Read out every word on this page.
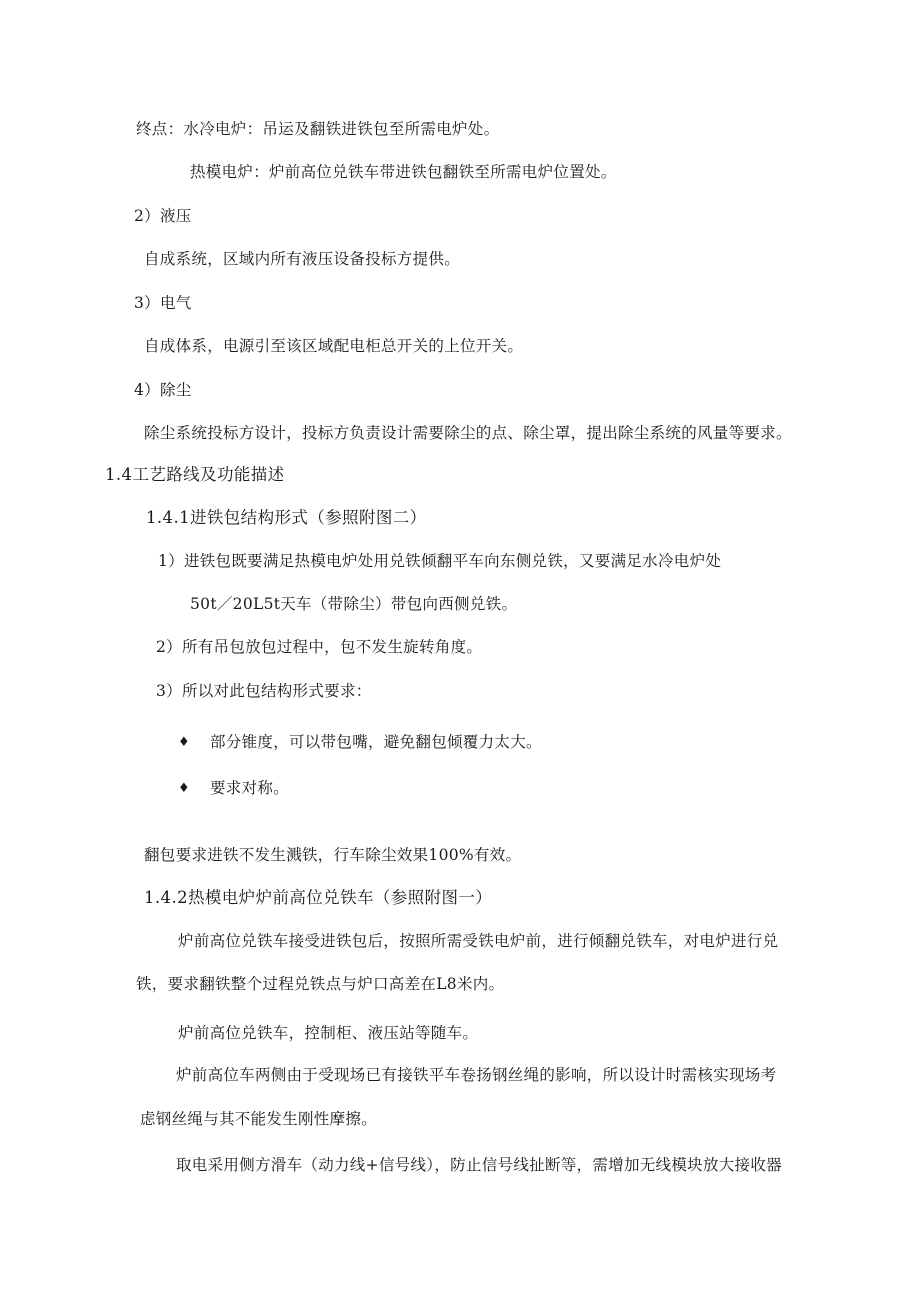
终点：水冷电炉：吊运及翻铁进铁包至所需电炉处。
热模电炉：炉前高位兑铁车带进铁包翻铁至所需电炉位置处。
2）液压
自成系统，区域内所有液压设备投标方提供。
3）电气
自成体系，电源引至该区域配电柜总开关的上位开关。
4）除尘
除尘系统投标方设计，投标方负责设计需要除尘的点、除尘罩，提出除尘系统的风量等要求。
1.4工艺路线及功能描述
1.4.1进铁包结构形式（参照附图二）
1）进铁包既要满足热模电炉处用兑铁倾翻平车向东侧兑铁，又要满足水冷电炉处
50t／20L5t天车（带除尘）带包向西侧兑铁。
2）所有吊包放包过程中，包不发生旋转角度。
3）所以对此包结构形式要求：
♦ 部分锥度，可以带包嘴，避免翻包倾覆力太大。
♦ 要求对称。
翻包要求进铁不发生溅铁，行车除尘效果100%有效。
1.4.2热模电炉炉前高位兑铁车（参照附图一）
炉前高位兑铁车接受进铁包后，按照所需受铁电炉前，进行倾翻兑铁车，对电炉进行兑
铁，要求翻铁整个过程兑铁点与炉口高差在L8米内。
炉前高位兑铁车，控制柜、液压站等随车。
炉前高位车两侧由于受现场已有接铁平车卷扬钢丝绳的影响，所以设计时需核实现场考
虑钢丝绳与其不能发生刚性摩擦。
取电采用侧方滑车（动力线+信号线），防止信号线扯断等，需增加无线模块放大接收器
